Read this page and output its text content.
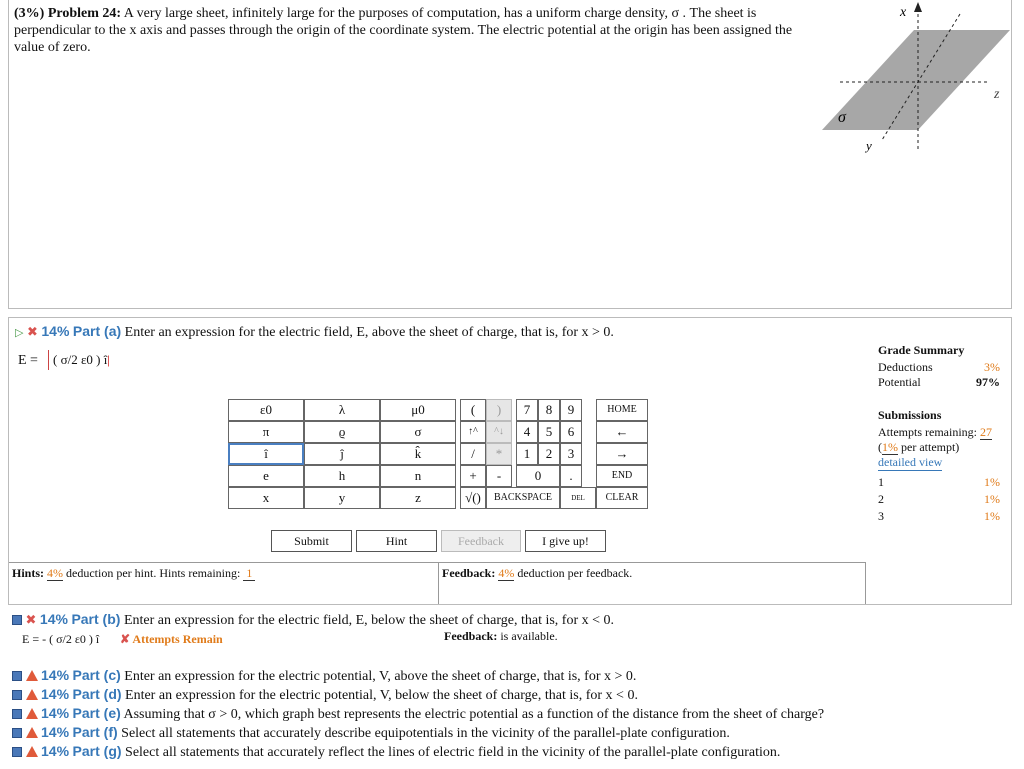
(3%) Problem 24: A very large sheet, infinitely large for the purposes of computation, has a uniform charge density, σ . The sheet is perpendicular to the x axis and passes through the origin of the coordinate system. The electric potential at the origin has been assigned the value of zero.
x
z
y
σ
▷ ✖ 14% Part (a) Enter an expression for the electric field, E, above the sheet of charge, that is, for x > 0.
E =	( σ/2 ε0 ) î|
ε0	λ	μ0
π	ϱ	σ
î	ĵ	k̂
e	h	n
x	y	z
(	)
↑^	^↓
/	*
+	-
√()
7	8	9
4	5	6
1	2	3
0	.
BACKSPACE	DEL
HOME
←
→
END
CLEAR
Submit	Hint	Feedback	I give up!
Hints: 4% deduction per hint. Hints remaining: 1	Feedback: 4% deduction per feedback.
Grade Summary
Deductions	3%
Potential	97%
Submissions
Attempts remaining: 27
(1% per attempt)
detailed view
1	1%
2	1%
3	1%
✖ 14% Part (b) Enter an expression for the electric field, E, below the sheet of charge, that is, for x < 0.
E = - ( σ/2 ε0 ) î ✘ Attempts Remain	Feedback: is available.
14% Part (c) Enter an expression for the electric potential, V, above the sheet of charge, that is, for x > 0.
14% Part (d) Enter an expression for the electric potential, V, below the sheet of charge, that is, for x < 0.
14% Part (e) Assuming that σ > 0, which graph best represents the electric potential as a function of the distance from the sheet of charge?
14% Part (f) Select all statements that accurately describe equipotentials in the vicinity of the parallel-plate configuration.
14% Part (g) Select all statements that accurately reflect the lines of electric field in the vicinity of the parallel-plate configuration.
